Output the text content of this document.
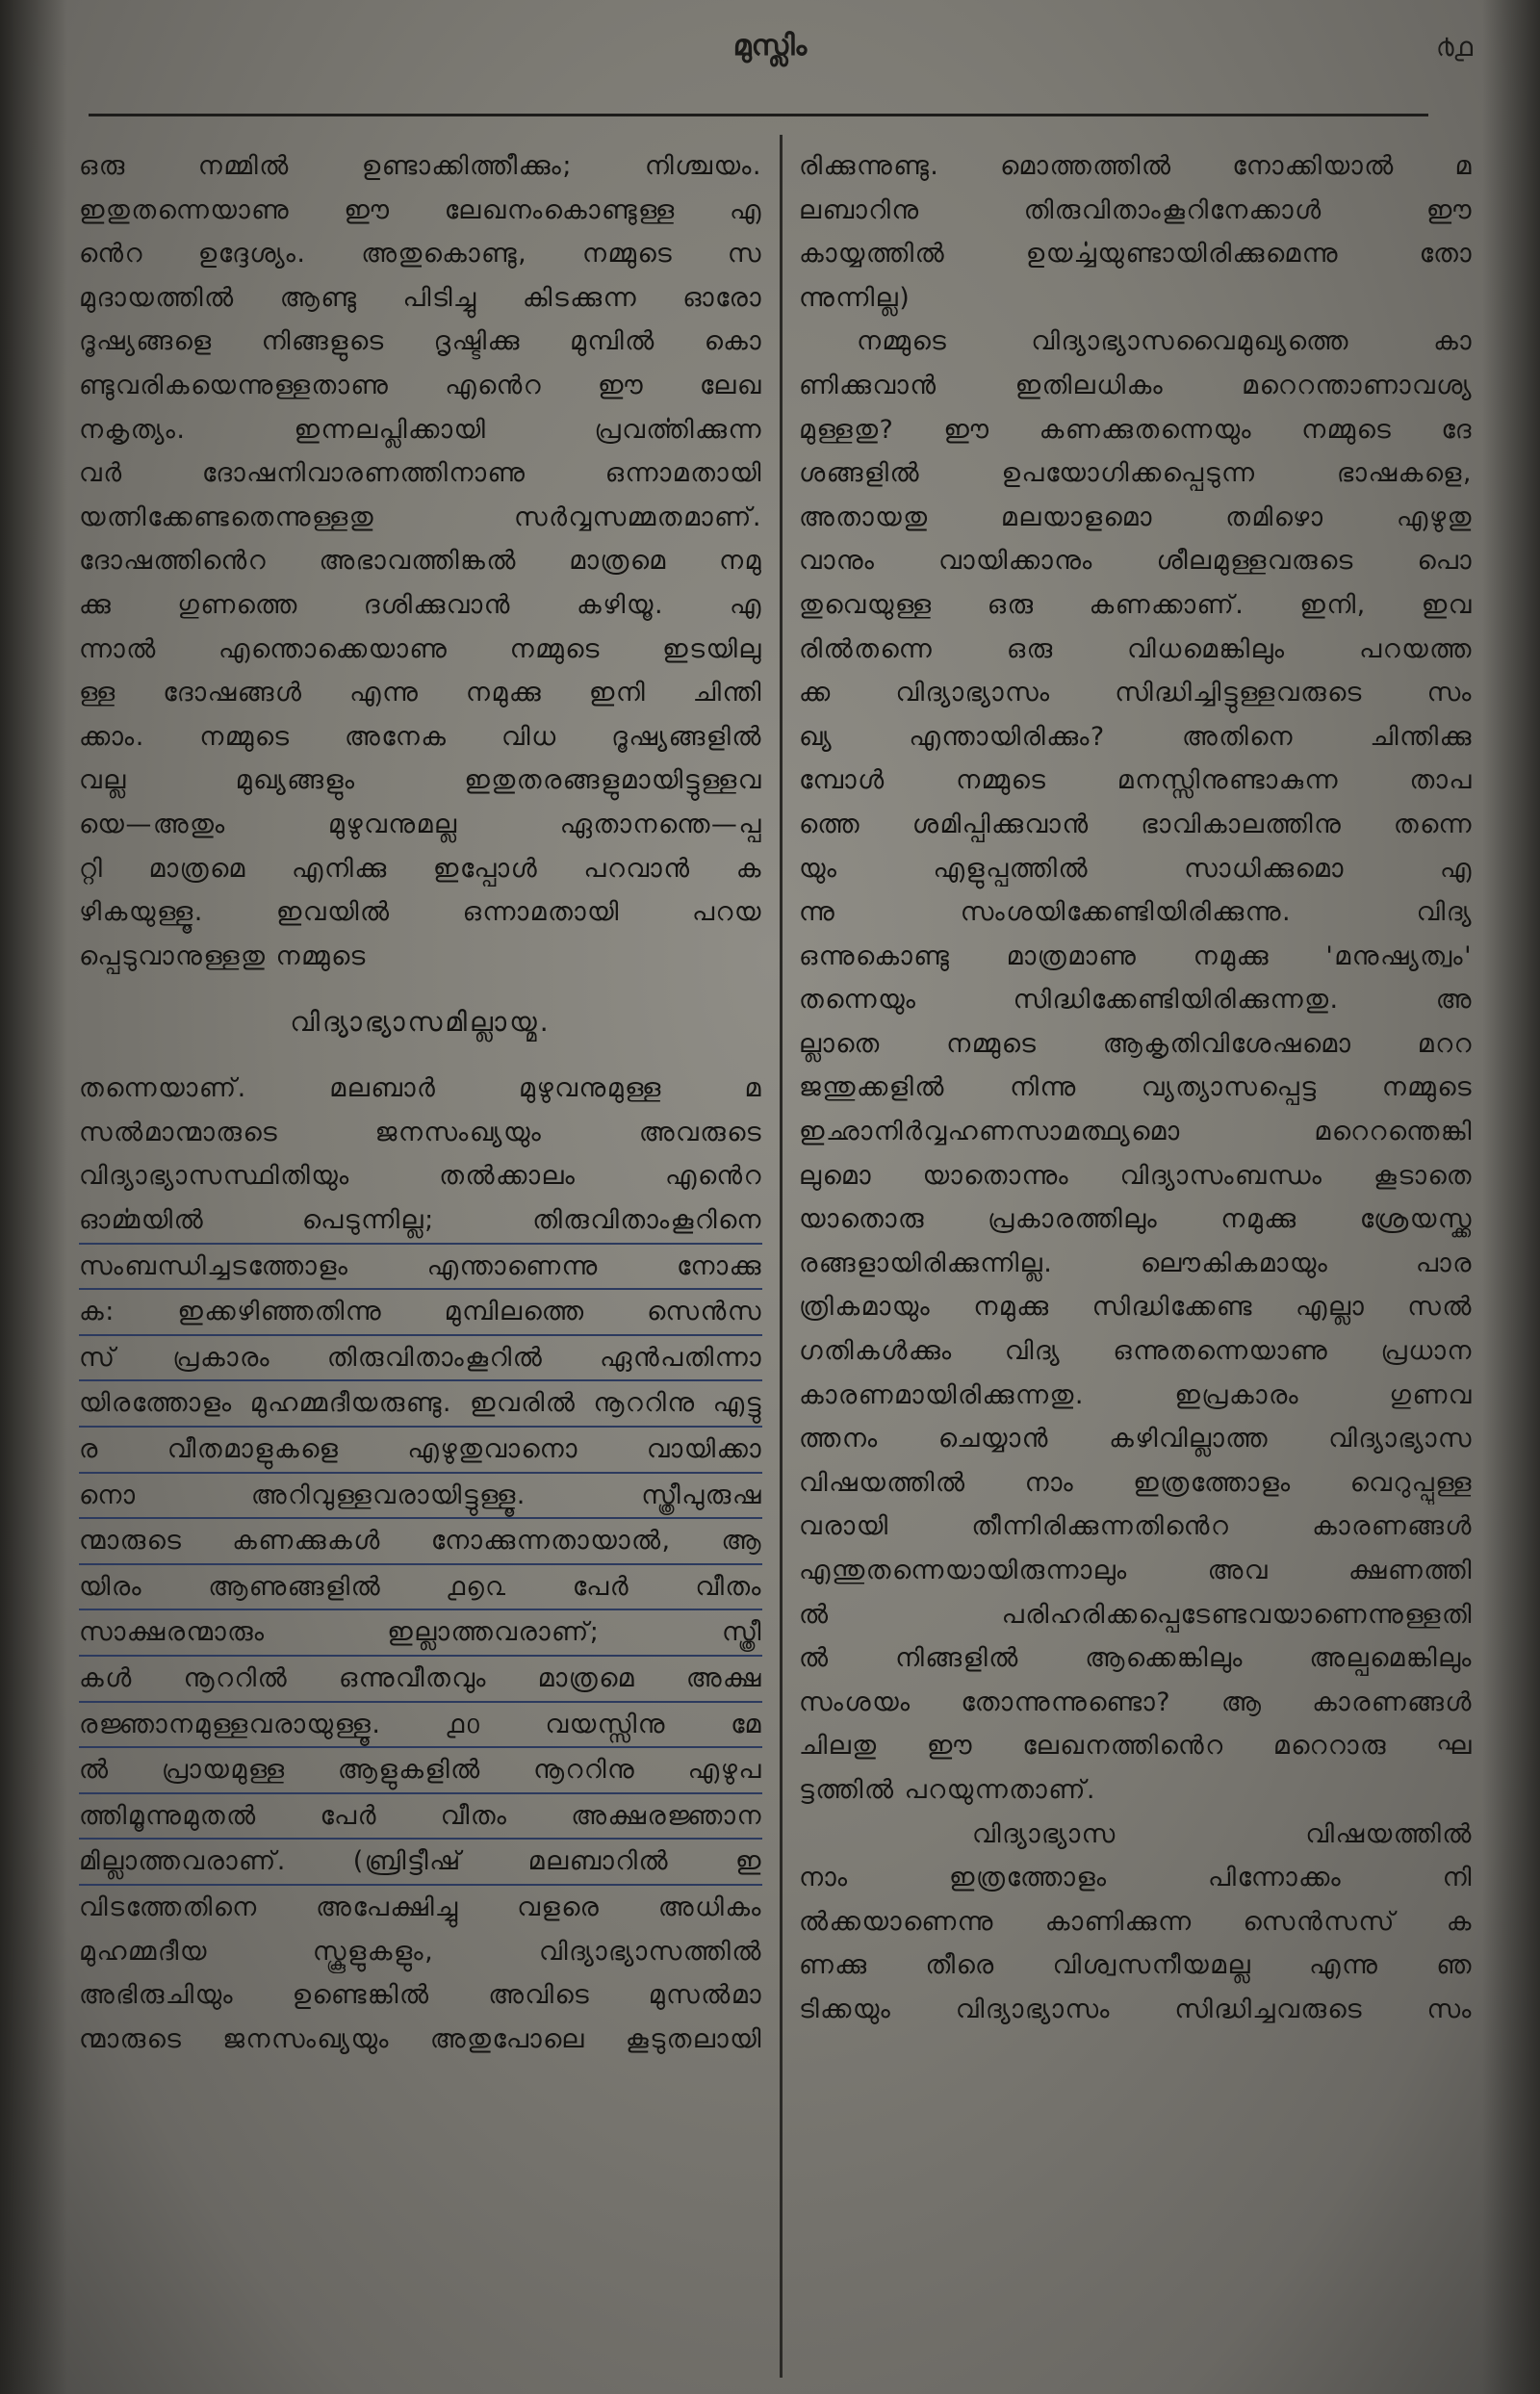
മുസ്ലിം	൪൧
ഒരു നമ്മിൽ ഉണ്ടാക്കിത്തീക്കും; നിശ്ചയം.
ഇതുതന്നെയാണു ഈ ലേഖനംകൊണ്ടുള്ള എ
ൻെറ ഉദ്ദേശ്യം. അതുകൊണ്ടു, നമ്മുടെ സ
മുദായത്തിൽ ആണ്ടു പിടിച്ചു കിടക്കുന്ന ഓരോ
ദൂഷ്യങ്ങളെ നിങ്ങളുടെ ദൃഷ്ടിക്കു മുമ്പിൽ കൊ
ണ്ടുവരികയെന്നുള്ളതാണു എൻെറ ഈ ലേഖ
നകൃത്യം. ഇന്നലപ്ലിക്കായി പ്രവൎത്തിക്കുന്ന
വർ ദോഷനിവാരണത്തിനാണു ഒന്നാമതായി
യത്നിക്കേണ്ടതെന്നുള്ളതു സർവ്വസമ്മതമാണ്.
ദോഷത്തിൻെറ അഭാവത്തിങ്കൽ മാത്രമെ നമു
ക്കു ഗുണത്തെ ദശിക്കുവാൻ കഴിയൂ. എ
ന്നാൽ എന്തൊക്കെയാണു നമ്മുടെ ഇടയിലു
ള്ള ദോഷങ്ങൾ എന്നു നമുക്കു ഇനി ചിന്തി
ക്കാം. നമ്മുടെ അനേക വിധ ദൂഷ്യങ്ങളിൽ
വല്ല മുഖ്യങ്ങളും ഇതുതരങ്ങളുമായിട്ടുള്ളവ
യെ—അതും മുഴുവനുമല്ല ഏതാനന്തെ—പ്പ
റ്റി മാത്രമെ എനിക്കു ഇപ്പോൾ പറവാൻ ക
ഴികയുള്ളൂ. ഇവയിൽ ഒന്നാമതായി പറയ
പ്പെടുവാനുള്ളതു നമ്മുടെ
വിദ്യാഭ്യാസമില്ലായ്മ.
തന്നെയാണ്. മലബാർ മുഴുവനുമുള്ള മ
സൽമാന്മാരുടെ ജനസംഖ്യയും അവരുടെ
വിദ്യാഭ്യാസസ്ഥിതിയും തൽക്കാലം എൻെറ
ഓൎമ്മയിൽ പെടുന്നില്ല; തിരുവിതാംകൂറിനെ
സംബന്ധിച്ചടത്തോളം എന്താണെന്നു നോക്കു
ക: ഇക്കഴിഞ്ഞതിന്നു മുമ്പിലത്തെ സെൻസ
സ് പ്രകാരം തിരുവിതാംകൂറിൽ ഏൻപതിന്നാ
യിരത്തോളം മുഹമ്മദീയരുണ്ടു. ഇവരിൽ നൂററിനു എട്ടു
ര വീതമാളുകളെ എഴുതുവാനൊ വായിക്കാ
നൊ അറിവുള്ളവരായിട്ടുള്ളൂ. സ്ത്രീപുരുഷ
ന്മാരുടെ കണക്കുകൾ നോക്കുന്നതായാൽ, ആ
യിരം ആണുങ്ങളിൽ ൧൭൨ പേർ വീതം
സാക്ഷരന്മാരും ഇല്ലാത്തവരാണ്; സ്ത്രീ
കൾ നൂററിൽ ഒന്നുവീതവും മാത്രമെ അക്ഷ
രജ്ഞാനമുള്ളവരായുള്ളൂ. ൧൦ വയസ്സിനു മേ
ൽ പ്രായമുള്ള ആളുകളിൽ നൂററിനു എഴുപ
ത്തിമൂന്നുമുതൽ പേർ വീതം അക്ഷരജ്ഞാന
മില്ലാത്തവരാണ്. (ബ്രിട്ടീഷ് മലബാറിൽ ഇ
വിടത്തേതിനെ അപേക്ഷിച്ചു വളരെ അധികം
മുഹമ്മദീയ സ്കൂളുകളും, വിദ്യാഭ്യാസത്തിൽ
അഭിരുചിയും ഉണ്ടെങ്കിൽ അവിടെ മുസൽമാ
ന്മാരുടെ ജനസംഖ്യയും അതുപോലെ കൂടുതലായി
രിക്കുന്നുണ്ടു. മൊത്തത്തിൽ നോക്കിയാൽ മ
ലബാറിനു തിരുവിതാംകൂറിനേക്കാൾ ഈ
കായ്യത്തിൽ ഉയൎച്ചയുണ്ടായിരിക്കുമെന്നു തോ
ന്നുന്നില്ല)
നമ്മുടെ വിദ്യാഭ്യാസവൈമുഖ്യത്തെ കാ
ണിക്കുവാൻ ഇതിലധികം മറെറന്താണാവശ്യ
മുള്ളതു? ഈ കണക്കുതന്നെയും നമ്മുടെ ദേ
ശങ്ങളിൽ ഉപയോഗിക്കപ്പെടുന്ന ഭാഷകളെ,
അതായതു മലയാളമൊ തമിഴൊ എഴുതു
വാനും വായിക്കാനും ശീലമുള്ളവരുടെ പൊ
തുവെയുള്ള ഒരു കണക്കാണ്. ഇനി, ഇവ
രിൽതന്നെ ഒരു വിധമെങ്കിലും പറയത്ത
ക്ക വിദ്യാഭ്യാസം സിദ്ധിച്ചിട്ടുള്ളവരുടെ സം
ഖ്യ എന്തായിരിക്കും? അതിനെ ചിന്തിക്കു
മ്പോൾ നമ്മുടെ മനസ്സിനുണ്ടാകുന്ന താപ
ത്തെ ശമിപ്പിക്കുവാൻ ഭാവികാലത്തിനു തന്നെ
യും എളുപ്പത്തിൽ സാധിക്കുമൊ എ
ന്നു സംശയിക്കേണ്ടിയിരിക്കുന്നു. വിദ്യ
ഒന്നുകൊണ്ടു മാത്രമാണു നമുക്കു 'മനുഷ്യത്വം'
തന്നെയും സിദ്ധിക്കേണ്ടിയിരിക്കുന്നതു. അ
ല്ലാതെ നമ്മുടെ ആകൃതിവിശേഷമൊ മററ
ജന്തുക്കളിൽ നിന്നു വ്യത്യാസപ്പെട്ട നമ്മുടെ
ഇഛാനിർവ്വഹണസാമത്ഥ്യമൊ മറെറന്തെങ്കി
ലുമൊ യാതൊന്നും വിദ്യാസംബന്ധം കൂടാതെ
യാതൊരു പ്രകാരത്തിലും നമുക്കു ശ്രേയസ്ക്ക
രങ്ങളായിരിക്കുന്നില്ല. ലൌകികമായും പാര
ത്രികമായും നമുക്കു സിദ്ധിക്കേണ്ട എല്ലാ സൽ
ഗതികൾക്കും വിദ്യ ഒന്നുതന്നെയാണു പ്രധാന
കാരണമായിരിക്കുന്നതു. ഇപ്രകാരം ഗുണവ
ത്തനം ചെയ്യാൻ കഴിവില്ലാത്ത വിദ്യാഭ്യാസ
വിഷയത്തിൽ നാം ഇത്രത്തോളം വെറുപ്പുള്ള
വരായി തീന്നിരിക്കുന്നതിൻെറ കാരണങ്ങൾ
എന്തുതന്നെയായിരുന്നാലും അവ ക്ഷണത്തി
ൽ പരിഹരിക്കപ്പെടേണ്ടവയാണെന്നുള്ളതി
ൽ നിങ്ങളിൽ ആക്കെങ്കിലും അല്പമെങ്കിലും
സംശയം തോന്നുന്നുണ്ടൊ? ആ കാരണങ്ങൾ
ചിലതു ഈ ലേഖനത്തിൻെറ മറെറാരു ഘ
ട്ടത്തിൽ പറയുന്നതാണ്.
വിദ്യാഭ്യാസ വിഷയത്തിൽ
നാം ഇത്രത്തോളം പിന്നോക്കം നി
ൽക്കയാണെന്നു കാണിക്കുന്ന സെൻസസ് ക
ണക്കു തീരെ വിശ്വസനീയമല്ല എന്നു ഞ
ടിക്കയും വിദ്യാഭ്യാസം സിദ്ധിച്ചവരുടെ സം
